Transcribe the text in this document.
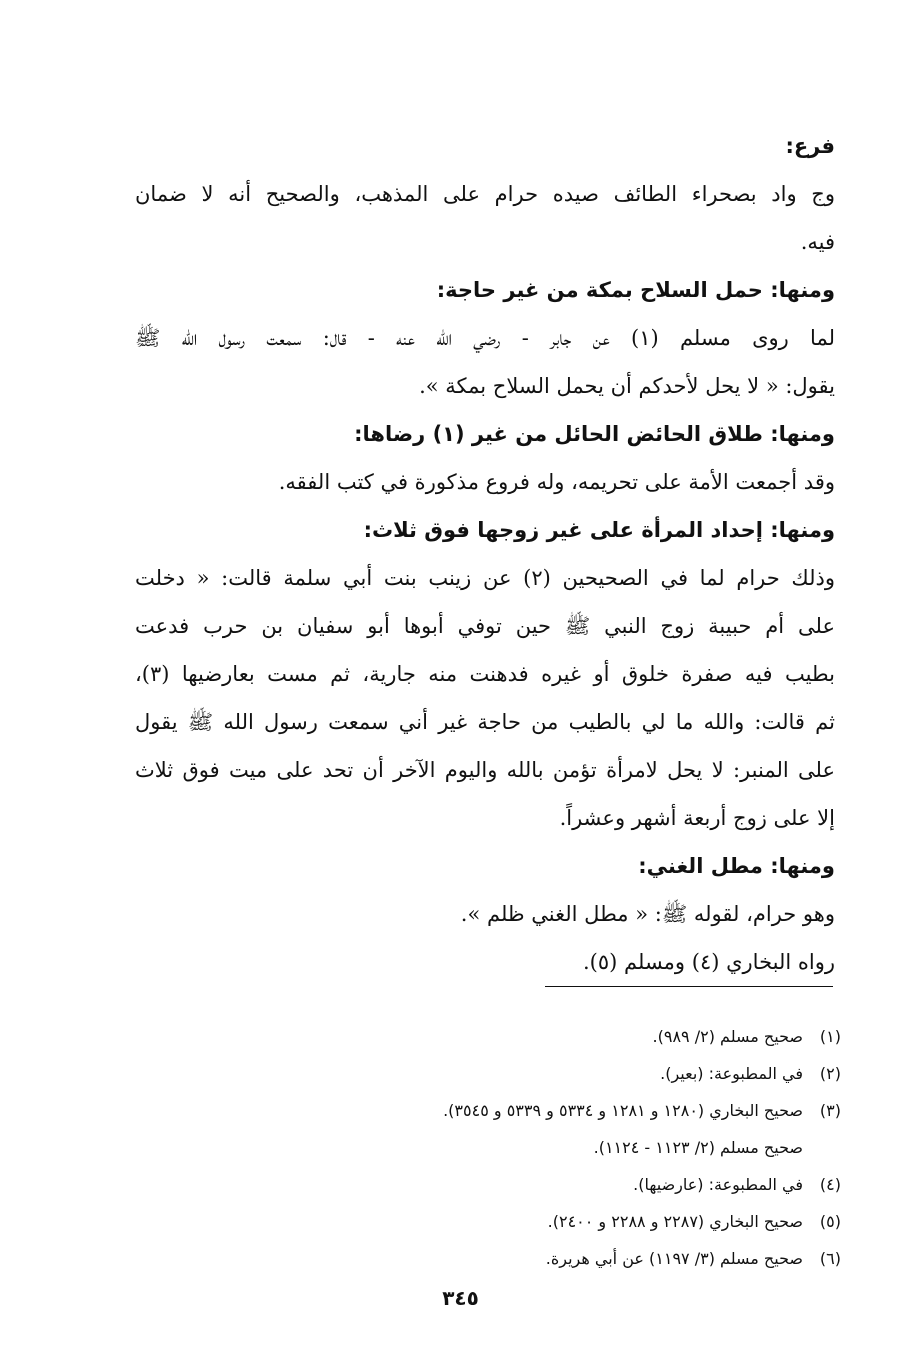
فرع:
وج واد بصحراء الطائف صيده حرام على المذهب، والصحيح أنه لا ضمان
فيه.
ومنها: حمل السلاح بمكة من غير حاجة:
لما روى مسلم (١) عن جابر - رضي الله عنه - قال: سمعت رسول الله ﷺ
يقول: « لا يحل لأحدكم أن يحمل السلاح بمكة ».
ومنها: طلاق الحائض الحائل من غير (١) رضاها:
وقد أجمعت الأمة على تحريمه، وله فروع مذكورة في كتب الفقه.
ومنها: إحداد المرأة على غير زوجها فوق ثلاث:
وذلك حرام لما في الصحيحين (٢) عن زينب بنت أبي سلمة قالت: « دخلت
على أم حبيبة زوج النبي ﷺ حين توفي أبوها أبو سفيان بن حرب فدعت
بطيب فيه صفرة خلوق أو غيره فدهنت منه جارية، ثم مست بعارضيها (٣)،
ثم قالت: والله ما لي بالطيب من حاجة غير أني سمعت رسول الله ﷺ يقول
على المنبر: لا يحل لامرأة تؤمن بالله واليوم الآخر أن تحد على ميت فوق ثلاث
إلا على زوج أربعة أشهر وعشراً.
ومنها: مطل الغني:
وهو حرام، لقوله ﷺ: « مطل الغني ظلم ».
رواه البخاري (٤) ومسلم (٥).
(١)
صحيح مسلم (٢/ ٩٨٩).
(٢)
في المطبوعة: (بعير).
(٣)
صحيح البخاري (١٢٨٠ و ١٢٨١ و ٥٣٣٤ و ٥٣٣٩ و ٣٥٤٥).
صحيح مسلم (٢/ ١١٢٣ - ١١٢٤).
(٤)
في المطبوعة: (عارضيها).
(٥)
صحيح البخاري (٢٢٨٧ و ٢٢٨٨ و ٢٤٠٠).
(٦)
صحيح مسلم (٣/ ١١٩٧) عن أبي هريرة.
٣٤٥
